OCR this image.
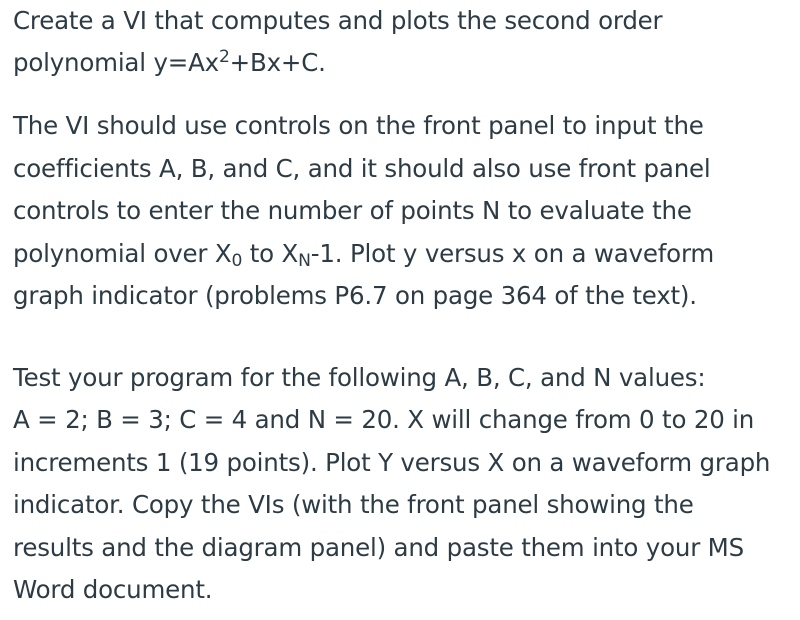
Create a VI that computes and plots the second order
polynomial $y=Ax^2+Bx+C$.
The VI should use controls on the front panel to input the
coefficients A, B, and C, and it should also use front panel
controls to enter the number of points N to evaluate the
polynomial over $X_0$ to $X_N-1$. Plot y versus x on a waveform
graph indicator (problems P6.7 on page 364 of the text).
Test your program for the following A, B, C, and N values:
A = 2; B = 3; C = 4 and N = 20. X will change from 0 to 20 in
increments 1 (19 points). Plot Y versus X on a waveform graph
indicator. Copy the VIs (with the front panel showing the
results and the diagram panel) and paste them into your MS
Word document.
